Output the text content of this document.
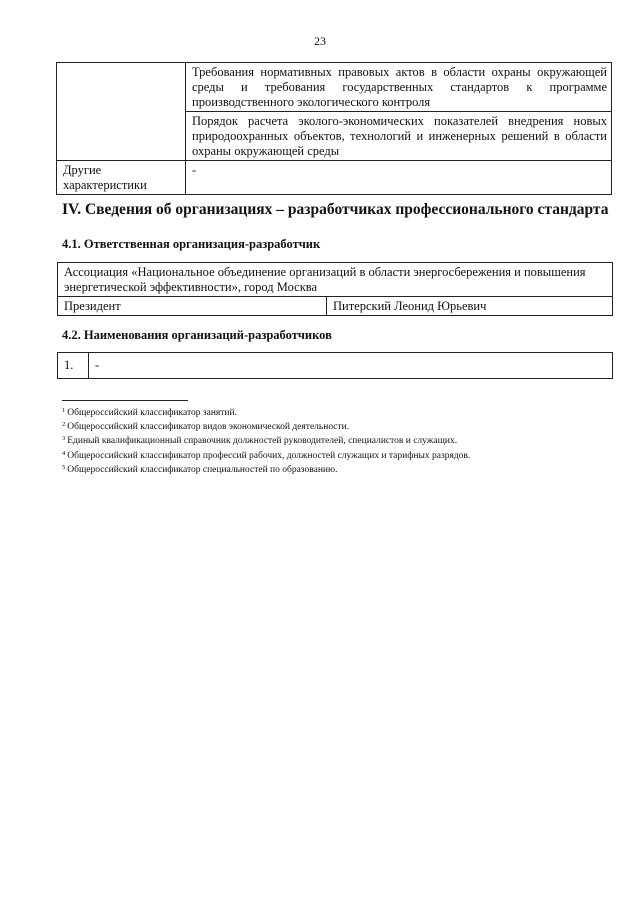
23
	Требования нормативных правовых актов в области охраны окружающей среды и требования государственных стандартов к программе производственного экологического контроля
	Порядок расчета эколого-экономических показателей внедрения новых природоохранных объектов, технологий и инженерных решений в области охраны окружающей среды
Другие характеристики	-
IV. Сведения об организациях – разработчиках профессионального стандарта
4.1. Ответственная организация-разработчик
Ассоциация «Национальное объединение организаций в области энергосбережения и повышения энергетической эффективности», город Москва
Президент	Питерский Леонид Юрьевич
4.2. Наименования организаций-разработчиков
1.	-
$^1$ Общероссийский классификатор занятий.
$^2$ Общероссийский классификатор видов экономической деятельности.
$^3$ Единый квалификационный справочник должностей руководителей, специалистов и служащих.
$^4$ Общероссийский классификатор профессий рабочих, должностей служащих и тарифных разрядов.
$^5$ Общероссийский классификатор специальностей по образованию.
